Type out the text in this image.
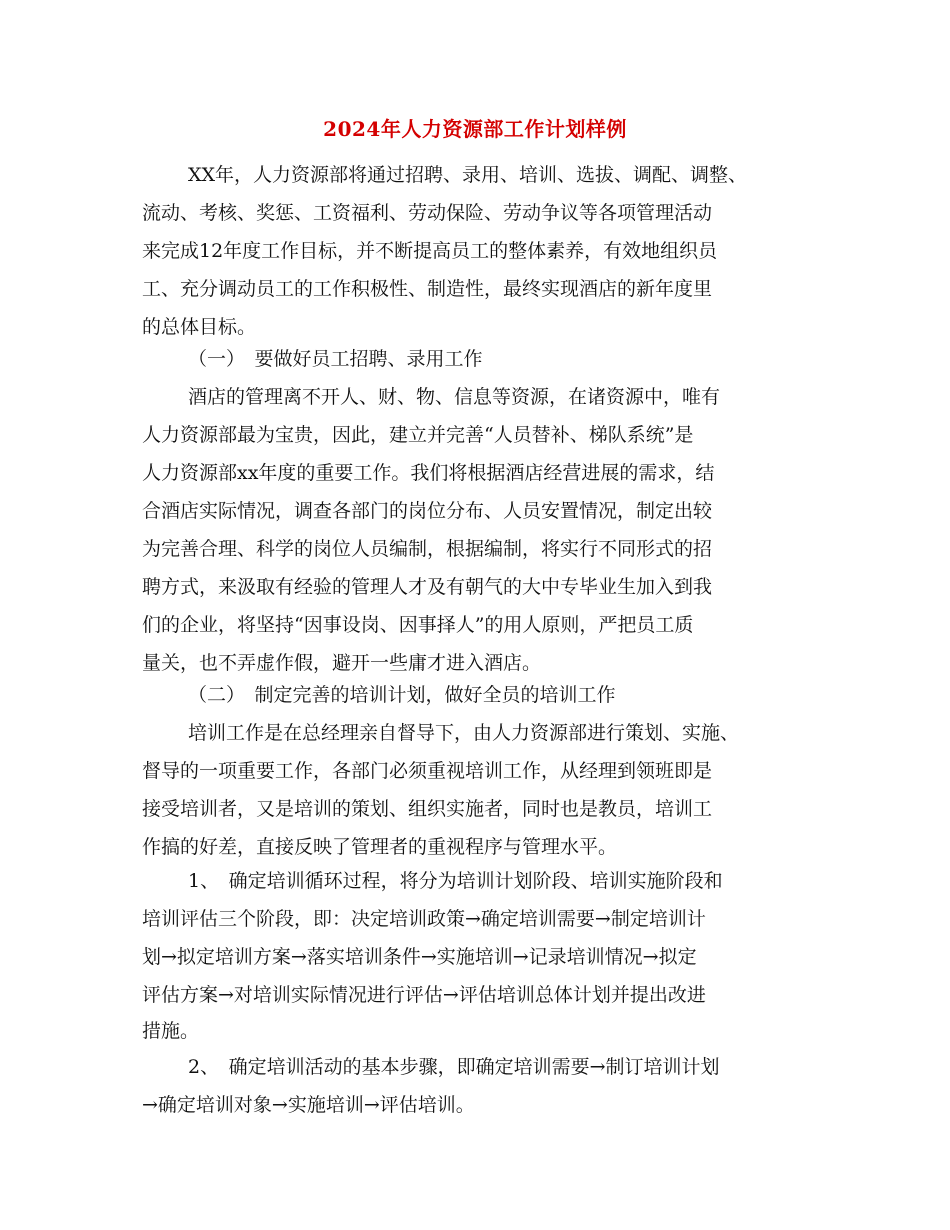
2024年人力资源部工作计划样例
XX年，人力资源部将通过招聘、录用、培训、选拔、调配、调整、
流动、考核、奖惩、工资福利、劳动保险、劳动争议等各项管理活动
来完成12年度工作目标，并不断提高员工的整体素养，有效地组织员
工、充分调动员工的工作积极性、制造性，最终实现酒店的新年度里
的总体目标。
（一）　要做好员工招聘、录用工作
酒店的管理离不开人、财、物、信息等资源，在诸资源中，唯有
人力资源部最为宝贵，因此，建立并完善“人员替补、梯队系统”是
人力资源部xx年度的重要工作。我们将根据酒店经营进展的需求，结
合酒店实际情况，调查各部门的岗位分布、人员安置情况，制定出较
为完善合理、科学的岗位人员编制，根据编制，将实行不同形式的招
聘方式，来汲取有经验的管理人才及有朝气的大中专毕业生加入到我
们的企业，将坚持“因事设岗、因事择人”的用人原则，严把员工质
量关，也不弄虚作假，避开一些庸才进入酒店。
（二）　制定完善的培训计划，做好全员的培训工作
培训工作是在总经理亲自督导下，由人力资源部进行策划、实施、
督导的一项重要工作，各部门必须重视培训工作，从经理到领班即是
接受培训者，又是培训的策划、组织实施者，同时也是教员，培训工
作搞的好差，直接反映了管理者的重视程序与管理水平。
1、　确定培训循环过程，将分为培训计划阶段、培训实施阶段和
培训评估三个阶段，即：决定培训政策→确定培训需要→制定培训计
划→拟定培训方案→落实培训条件→实施培训→记录培训情况→拟定
评估方案→对培训实际情况进行评估→评估培训总体计划并提出改进
措施。
2、　确定培训活动的基本步骤，即确定培训需要→制订培训计划
→确定培训对象→实施培训→评估培训。
